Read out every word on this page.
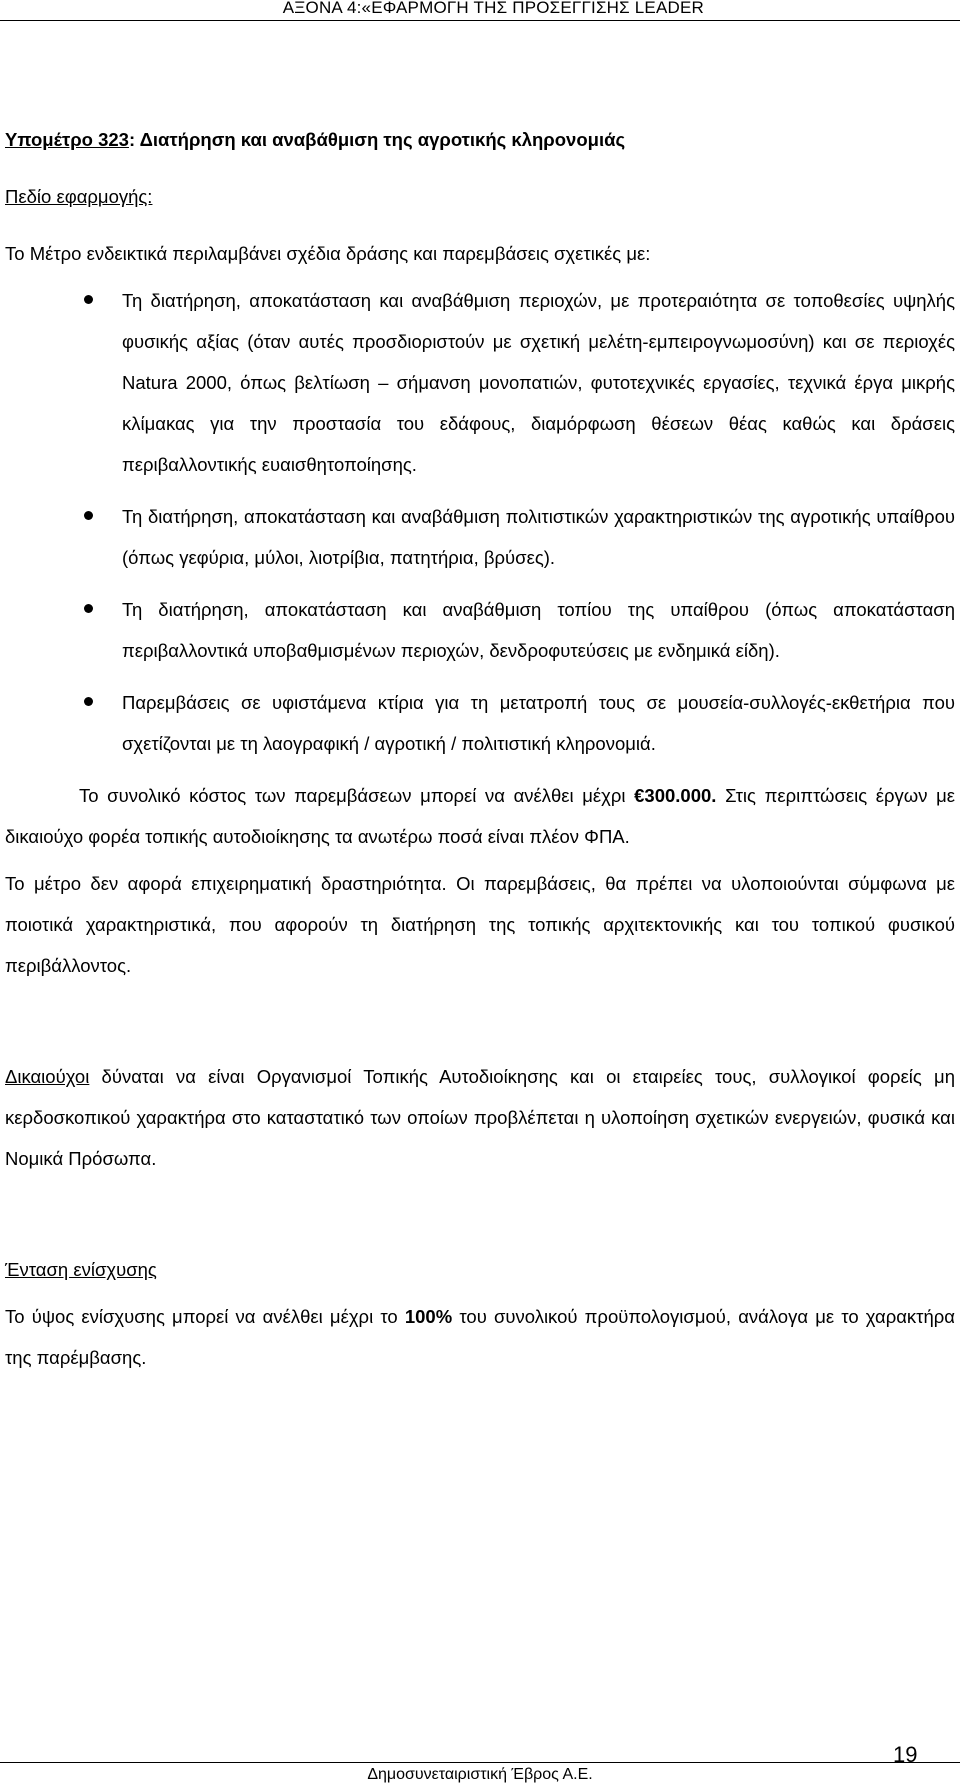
ΑΞΟΝΑ 4:«ΕΦΑΡΜΟΓΗ ΤΗΣ ΠΡΟΣΕΓΓΙΣΗΣ LEADER

Υπομέτρο 323: Διατήρηση και αναβάθμιση της αγροτικής κληρονομιάς

Πεδίο εφαρμογής:

Το Μέτρο ενδεικτικά περιλαμβάνει σχέδια δράσης και παρεμβάσεις σχετικές με:

Τη διατήρηση, αποκατάσταση και αναβάθμιση περιοχών, με προτεραιότητα σε τοποθεσίες υψηλής φυσικής αξίας (όταν αυτές προσδιοριστούν με σχετική μελέτη-εμπειρογνωμοσύνη) και σε περιοχές Natura 2000, όπως βελτίωση – σήμανση μονοπατιών, φυτοτεχνικές εργασίες, τεχνικά έργα μικρής κλίμακας για την προστασία του εδάφους, διαμόρφωση θέσεων θέας καθώς και δράσεις περιβαλλοντικής ευαισθητοποίησης.
Τη διατήρηση, αποκατάσταση και αναβάθμιση πολιτιστικών χαρακτηριστικών της αγροτικής υπαίθρου (όπως γεφύρια, μύλοι, λιοτρίβια, πατητήρια, βρύσες).
Τη διατήρηση, αποκατάσταση και αναβάθμιση τοπίου της υπαίθρου (όπως αποκατάσταση περιβαλλοντικά υποβαθμισμένων περιοχών, δενδροφυτεύσεις με ενδημικά είδη).
Παρεμβάσεις σε υφιστάμενα κτίρια για τη μετατροπή τους σε μουσεία-συλλογές-εκθετήρια που σχετίζονται με τη λαογραφική / αγροτική / πολιτιστική κληρονομιά.

Το συνολικό κόστος των παρεμβάσεων μπορεί να ανέλθει μέχρι €300.000. Στις περιπτώσεις έργων με δικαιούχο φορέα τοπικής αυτοδιοίκησης τα ανωτέρω ποσά είναι πλέον ΦΠΑ.

Το μέτρο δεν αφορά επιχειρηματική δραστηριότητα. Οι παρεμβάσεις, θα πρέπει να υλοποιούνται σύμφωνα με ποιοτικά χαρακτηριστικά, που αφορούν τη διατήρηση της τοπικής αρχιτεκτονικής και του τοπικού φυσικού περιβάλλοντος.

Δικαιούχοι δύναται να είναι Οργανισμοί Τοπικής Αυτοδιοίκησης και οι εταιρείες τους, συλλογικοί φορείς μη κερδοσκοπικού χαρακτήρα στο καταστατικό των οποίων προβλέπεται η υλοποίηση σχετικών ενεργειών, φυσικά και Νομικά Πρόσωπα.

Ένταση ενίσχυσης

Το ύψος ενίσχυσης μπορεί να ανέλθει μέχρι το 100% του συνολικού προϋπολογισμού, ανάλογα με το χαρακτήρα της παρέμβασης.

19
Δημοσυνεταιριστική Έβρος Α.Ε.
